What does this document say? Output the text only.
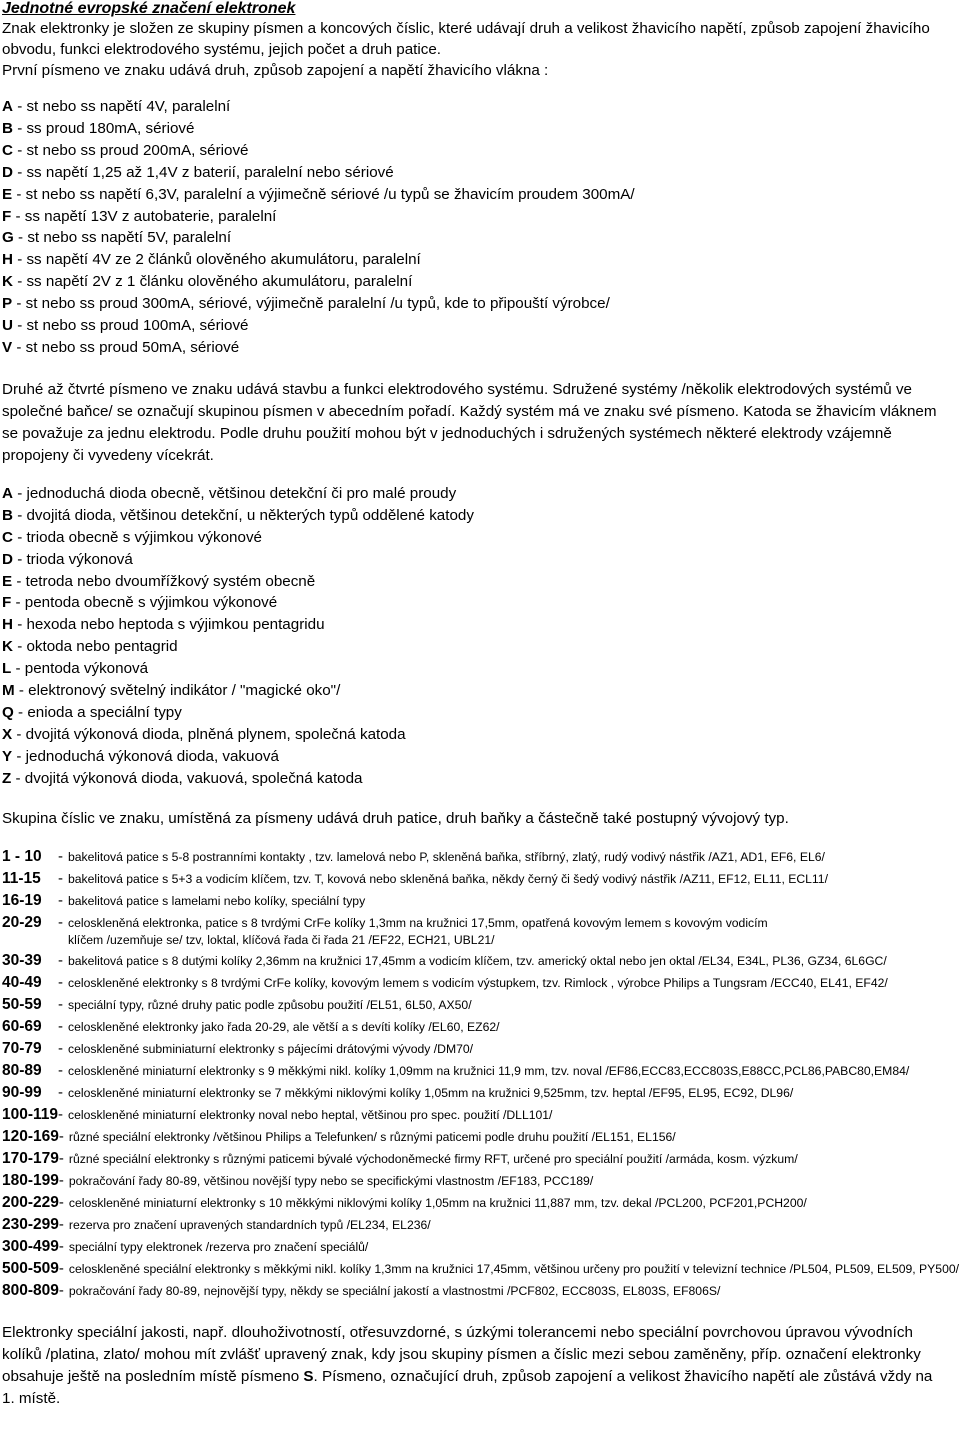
Jednotné evropské značení elektronek

Znak elektronky je složen ze skupiny písmen a koncových číslic, které udávají druh a velikost žhavicího napětí, způsob zapojení žhavicího

obvodu, funkci elektrodového systému, jejich počet a druh patice.

První písmeno ve znaku udává druh, způsob zapojení a napětí žhavicího vlákna :

A - st nebo ss napětí 4V, paralelní
B - ss proud 180mA, sériové
C - st nebo ss proud 200mA, sériové
D - ss napětí 1,25 až 1,4V z baterií, paralelní nebo sériové
E - st nebo ss napětí 6,3V, paralelní a výjimečně sériové /u typů se žhavicím proudem 300mA/
F - ss napětí 13V z autobaterie, paralelní
G - st nebo ss napětí 5V, paralelní
H - ss napětí 4V ze 2 článků olověného akumulátoru, paralelní
K - ss napětí 2V z 1 článku olověného akumulátoru, paralelní
P - st nebo ss proud 300mA, sériové, výjimečně paralelní /u typů, kde to připouští výrobce/
U - st nebo ss proud 100mA, sériové
V - st nebo ss proud 50mA, sériové

Druhé až čtvrté písmeno ve znaku udává stavbu a funkci elektrodového systému. Sdružené systémy /několik elektrodových systémů ve

společné baňce/ se označují skupinou písmen v abecedním pořadí. Každý systém má ve znaku své písmeno. Katoda se žhavicím vláknem

se považuje za jednu elektrodu. Podle druhu použití mohou být v jednoduchých i sdružených systémech některé elektrody vzájemně

propojeny či vyvedeny vícekrát.

A - jednoduchá dioda obecně, většinou detekční či pro malé proudy
B - dvojitá dioda, většinou detekční, u některých typů oddělené katody
C - trioda obecně s výjimkou výkonové
D - trioda výkonová
E - tetroda nebo dvoumřížkový systém obecně
F - pentoda obecně s výjimkou výkonové
H - hexoda nebo heptoda s výjimkou pentagridu
K - oktoda nebo pentagrid
L - pentoda výkonová
M - elektronový světelný indikátor / "magické oko"/
Q - enioda a speciální typy
X - dvojitá výkonová dioda, plněná plynem, společná katoda
Y - jednoduchá výkonová dioda, vakuová
Z - dvojitá výkonová dioda, vakuová, společná katoda

Skupina číslic ve znaku, umístěná za písmeny udává druh patice, druh baňky a částečně také postupný vývojový typ.

1 - 10	- bakelitová patice s 5-8 postranními kontakty , tzv. lamelová nebo P, skleněná baňka, stříbrný, zlatý, rudý vodivý nástřik /AZ1, AD1, EF6, EL6/
11-15	- bakelitová patice s 5+3 a vodicím klíčem, tzv. T, kovová nebo skleněná baňka, někdy černý či šedý vodivý nástřik /AZ11, EF12, EL11, ECL11/
16-19	- bakelitová patice s lamelami nebo kolíky, speciální typy
20-29	- celoskleněná elektronka, patice s 8 tvrdými CrFe kolíky 1,3mm na kružnici 17,5mm, opatřená kovovým lemem s kovovým vodicím
klíčem /uzemňuje se/ tzv, loktal, klíčová řada či řada 21 /EF22, ECH21, UBL21/
30-39	- bakelitová patice s 8 dutými kolíky 2,36mm na kružnici 17,45mm a vodicím klíčem, tzv. americký oktal nebo jen oktal /EL34, E34L, PL36, GZ34, 6L6GC/
40-49	- celoskleněné elektronky s 8 tvrdými CrFe kolíky, kovovým lemem s vodicím výstupkem, tzv. Rimlock , výrobce Philips a Tungsram /ECC40, EL41, EF42/
50-59	- speciální typy, různé druhy patic podle způsobu použití /EL51, 6L50, AX50/
60-69	- celoskleněné elektronky jako řada 20-29, ale větší a s devíti kolíky /EL60, EZ62/
70-79	- celoskleněné subminiaturní elektronky s pájecími drátovými vývody /DM70/
80-89	- celoskleněné miniaturní elektronky s 9 měkkými nikl. kolíky 1,09mm na kružnici 11,9 mm, tzv. noval /EF86,ECC83,ECC803S,E88CC,PCL86,PABC80,EM84/
90-99	- celoskleněné miniaturní elektronky se 7 měkkými niklovými kolíky 1,05mm na kružnici 9,525mm, tzv. heptal /EF95, EL95, EC92, DL96/
100-119 - celoskleněné miniaturní elektronky noval nebo heptal, většinou pro spec. použití /DLL101/
120-169 - různé speciální elektronky /většinou Philips a Telefunken/ s různými paticemi podle druhu použití /EL151, EL156/
170-179 - různé speciální elektronky s různými paticemi bývalé východoněmecké firmy RFT, určené pro speciální použití /armáda, kosm. výzkum/
180-199 - pokračování řady 80-89, většinou novější typy nebo se specifickými vlastnostm /EF183, PCC189/
200-229 - celoskleněné miniaturní elektronky s 10 měkkými niklovými kolíky 1,05mm na kružnici 11,887 mm, tzv. dekal /PCL200, PCF201,PCH200/
230-299 - rezerva pro značení upravených standardních typů /EL234, EL236/
300-499 - speciální typy elektronek /rezerva pro značení speciálů/
500-509 - celoskleněné speciální elektronky s měkkými nikl. kolíky 1,3mm na kružnici 17,45mm, většinou určeny pro použití v televizní technice /PL504, PL509, EL509, PY500/
800-809 - pokračování řady 80-89, nejnovější typy, někdy se speciální jakostí a vlastnostmi /PCF802, ECC803S, EL803S, EF806S/

Elektronky speciální jakosti, např. dlouhoživotností, otřesuvzdorné, s úzkými tolerancemi nebo speciální povrchovou úpravou vývodních

kolíků /platina, zlato/ mohou mít zvlášť upravený znak, kdy jsou skupiny písmen a číslic mezi sebou zaměněny, příp. označení elektronky

obsahuje ještě na posledním místě písmeno S. Písmeno, označující druh, způsob zapojení a velikost žhavicího napětí ale zůstává vždy na

1. místě.
